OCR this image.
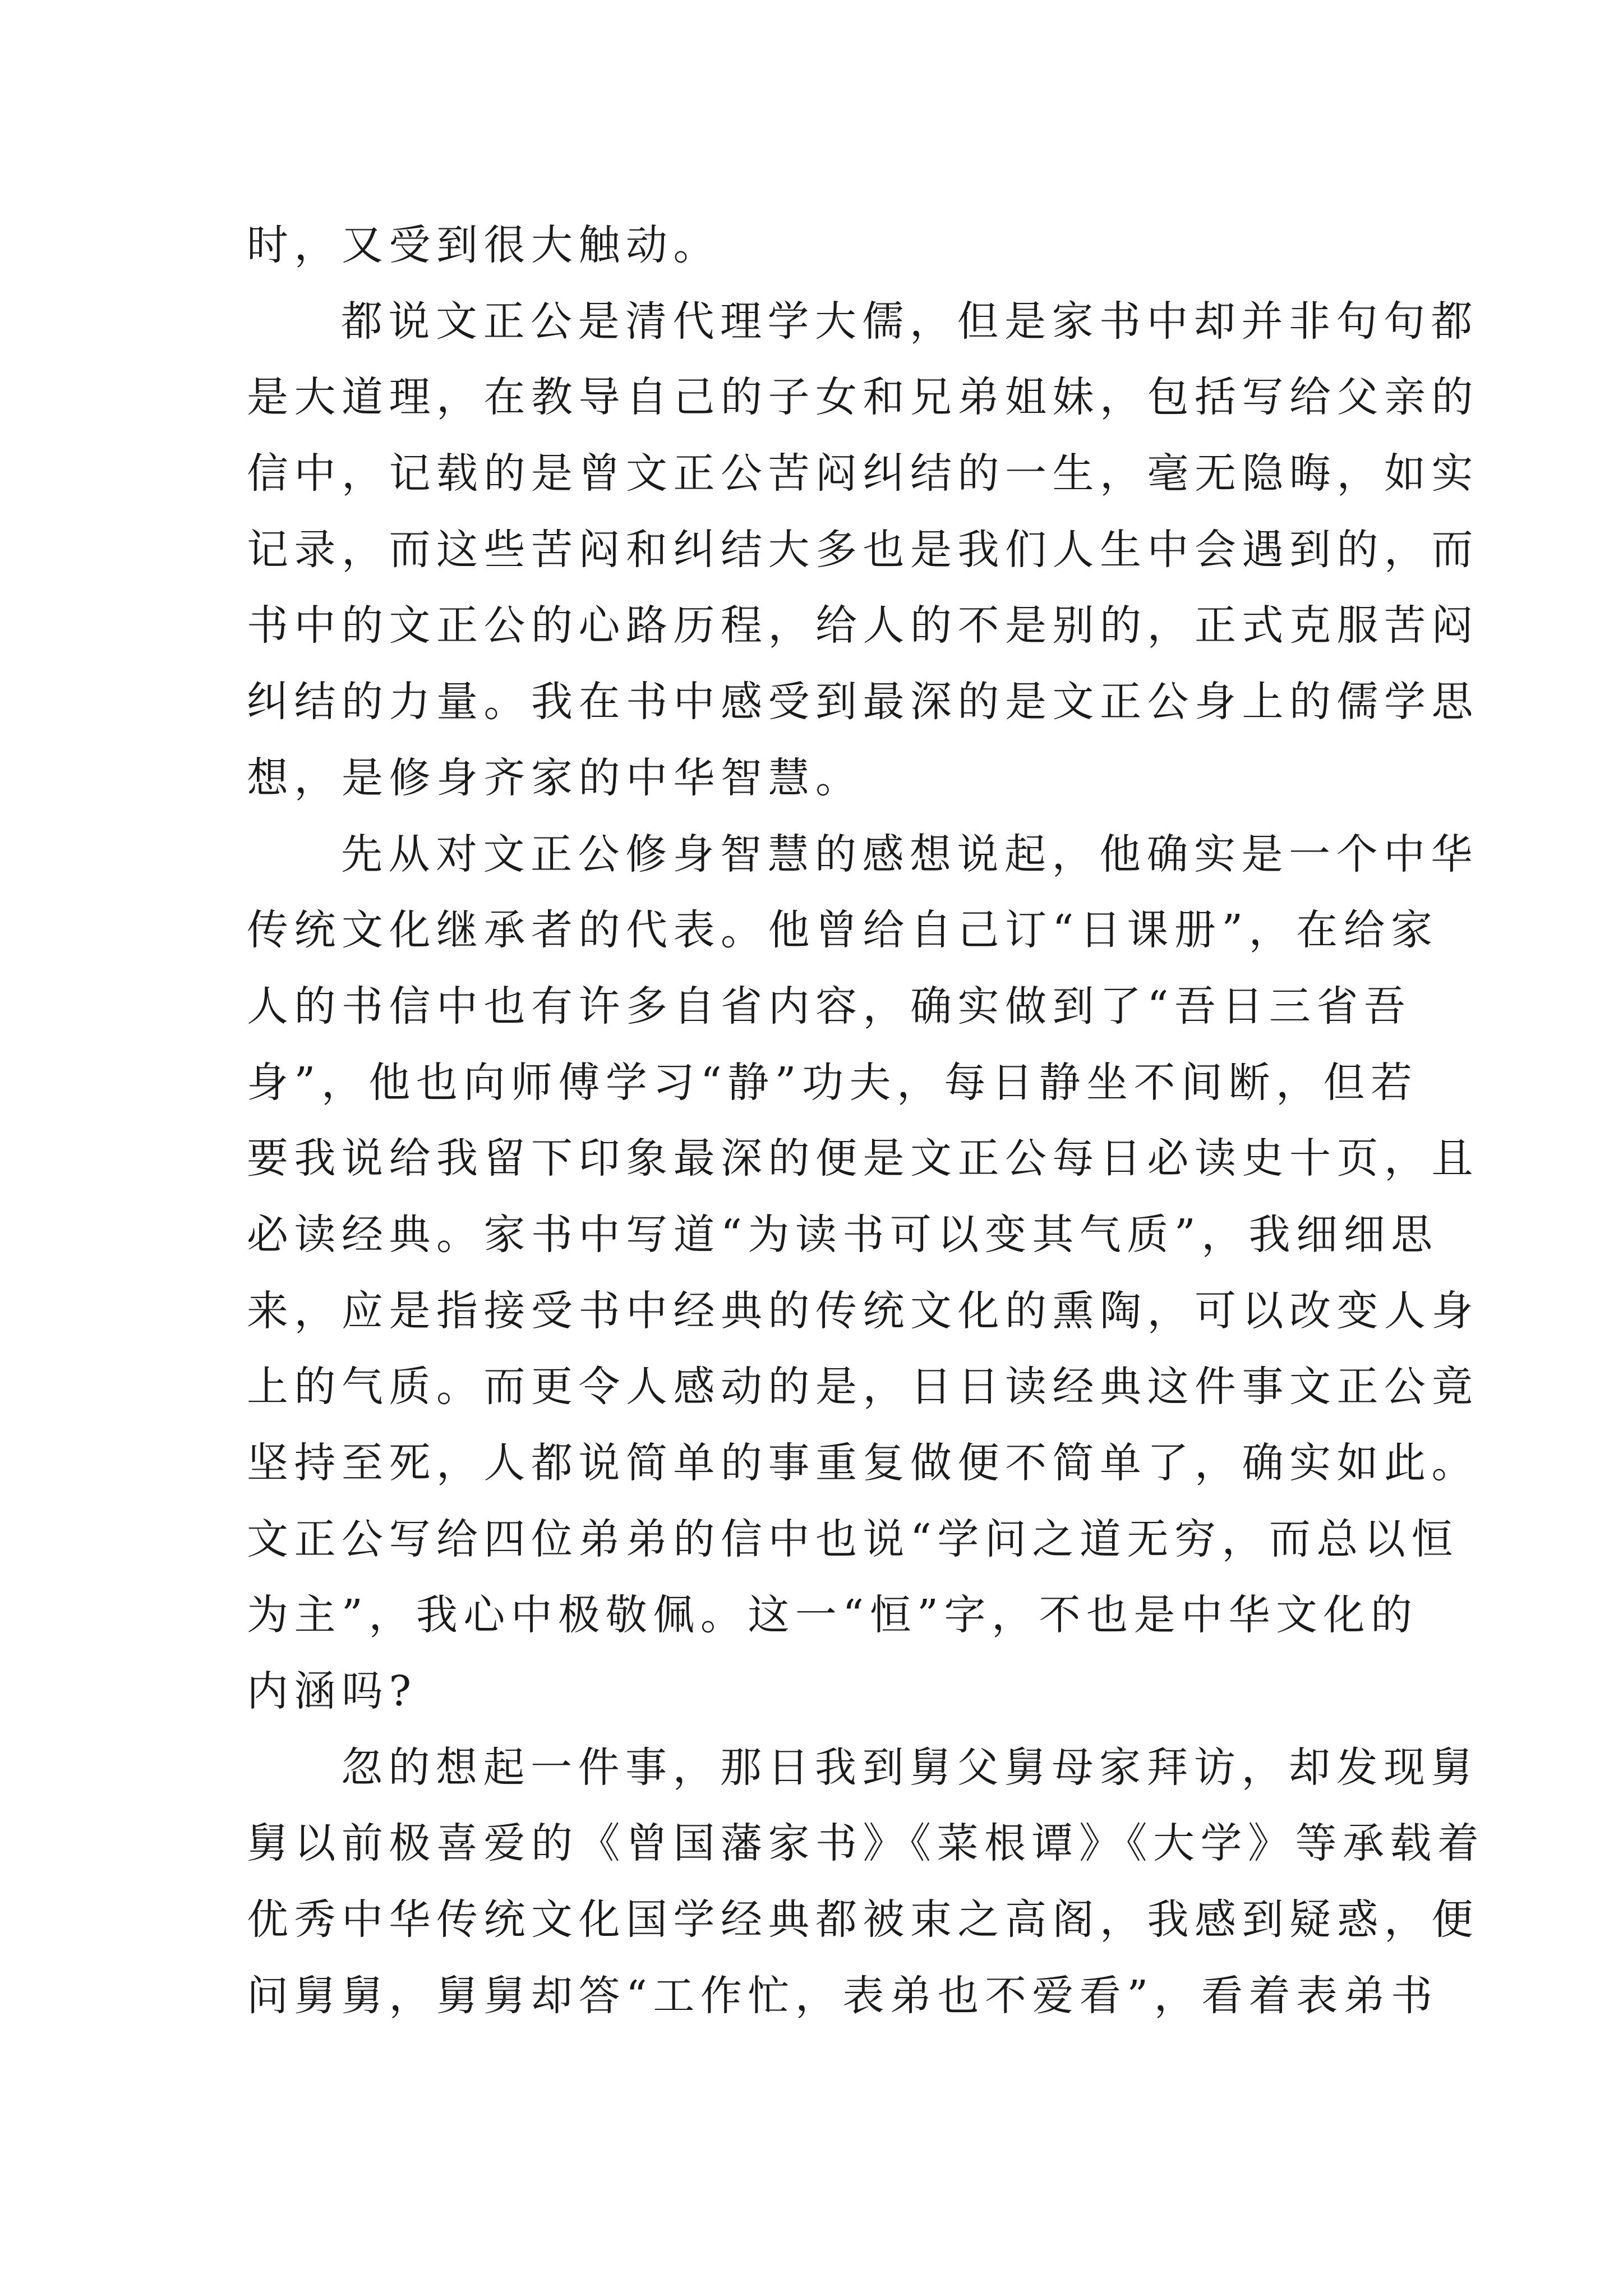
时，又受到很大触动。
都说文正公是清代理学大儒，但是家书中却并非句句都
是大道理，在教导自己的子女和兄弟姐妹，包括写给父亲的
信中，记载的是曾文正公苦闷纠结的一生，毫无隐晦，如实
记录，而这些苦闷和纠结大多也是我们人生中会遇到的，而
书中的文正公的心路历程，给人的不是别的，正式克服苦闷
纠结的力量。我在书中感受到最深的是文正公身上的儒学思
想，是修身齐家的中华智慧。
先从对文正公修身智慧的感想说起，他确实是一个中华
传统文化继承者的代表。他曾给自己订“日课册”，在给家
人的书信中也有许多自省内容，确实做到了“吾日三省吾
身”，他也向师傅学习“静”功夫，每日静坐不间断，但若
要我说给我留下印象最深的便是文正公每日必读史十页，且
必读经典。家书中写道“为读书可以变其气质”，我细细思
来，应是指接受书中经典的传统文化的熏陶，可以改变人身
上的气质。而更令人感动的是，日日读经典这件事文正公竟
坚持至死，人都说简单的事重复做便不简单了，确实如此。
文正公写给四位弟弟的信中也说“学问之道无穷，而总以恒
为主”，我心中极敬佩。这一“恒”字，不也是中华文化的
内涵吗?
忽的想起一件事，那日我到舅父舅母家拜访，却发现舅
舅以前极喜爱的《曾国藩家书》《菜根谭》《大学》等承载着
优秀中华传统文化国学经典都被束之高阁，我感到疑惑，便
问舅舅，舅舅却答“工作忙，表弟也不爱看”，看着表弟书
